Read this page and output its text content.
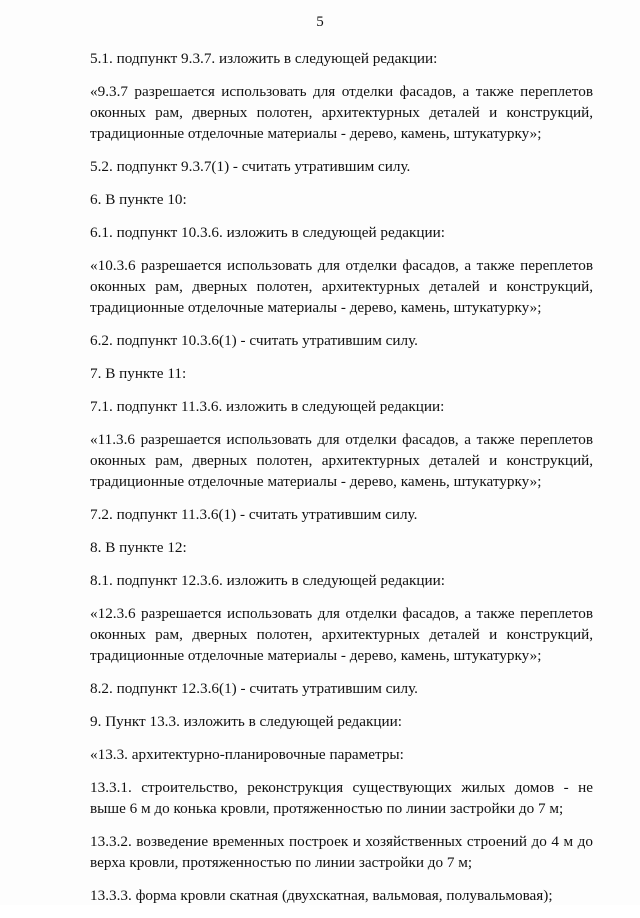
5

5.1. подпункт 9.3.7. изложить в следующей редакции:

«9.3.7 разрешается использовать для отделки фасадов, а также переплетов оконных рам, дверных полотен, архитектурных деталей и конструкций, традиционные отделочные материалы - дерево, камень, штукатурку»;

5.2. подпункт 9.3.7(1) - считать утратившим силу.

6. В пункте 10:

6.1. подпункт 10.3.6. изложить в следующей редакции:

«10.3.6 разрешается использовать для отделки фасадов, а также переплетов оконных рам, дверных полотен, архитектурных деталей и конструкций, традиционные отделочные материалы - дерево, камень, штукатурку»;

6.2. подпункт 10.3.6(1) - считать утратившим силу.

7. В пункте 11:

7.1. подпункт 11.3.6. изложить в следующей редакции:

«11.3.6 разрешается использовать для отделки фасадов, а также переплетов оконных рам, дверных полотен, архитектурных деталей и конструкций, традиционные отделочные материалы - дерево, камень, штукатурку»;

7.2. подпункт 11.3.6(1) - считать утратившим силу.

8. В пункте 12:

8.1. подпункт 12.3.6. изложить в следующей редакции:

«12.3.6 разрешается использовать для отделки фасадов, а также переплетов оконных рам, дверных полотен, архитектурных деталей и конструкций, традиционные отделочные материалы - дерево, камень, штукатурку»;

8.2. подпункт 12.3.6(1) - считать утратившим силу.

9. Пункт 13.3. изложить в следующей редакции:

«13.3. архитектурно-планировочные параметры:

13.3.1. строительство, реконструкция существующих жилых домов - не выше 6 м до конька кровли, протяженностью по линии застройки до 7 м;

13.3.2. возведение временных построек и хозяйственных строений до 4 м до верха кровли, протяженностью по линии застройки до 7 м;

13.3.3. форма кровли скатная (двухскатная, вальмовая, полувальмовая);
